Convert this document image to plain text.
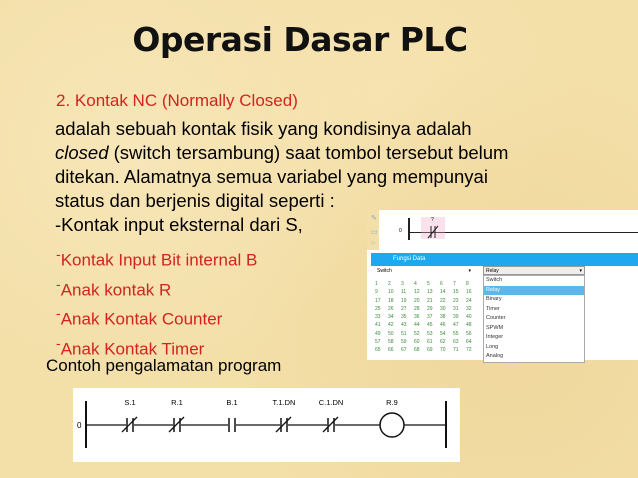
Operasi Dasar PLC
2. Kontak NC (Normally Closed)
adalah sebuah kontak fisik yang kondisinya adalah
closed (switch tersambung) saat tombol tersebut belum
ditekan. Alamatnya semua variabel yang mempunyai
status dan berjenis digital seperti :
-Kontak input eksternal dari S,
-Kontak Input Bit internal B
-Anak kontak R
-Anak Kontak Counter
-Anak Kontak Timer
Contoh pengalamatan program
✎
▭
○
0
?
Fungsi Data
Switch	▾	Relay	▾
1	2	3	4	5	6	7	8
9	10	11	12	13	14	15	16
17	18	19	20	21	22	23	24
25	26	27	28	29	30	31	32
33	34	35	36	37	38	39	40
41	42	43	44	45	46	47	48
49	50	51	52	53	54	55	56
57	58	59	60	61	62	63	64
65	66	67	68	69	70	71	72
Switch
Relay
Binary
Timer
Counter
SPWM
Integer
Long
Analog
0
S.1	R.1	B.1	T.1.DN	C.1.DN	R.9
